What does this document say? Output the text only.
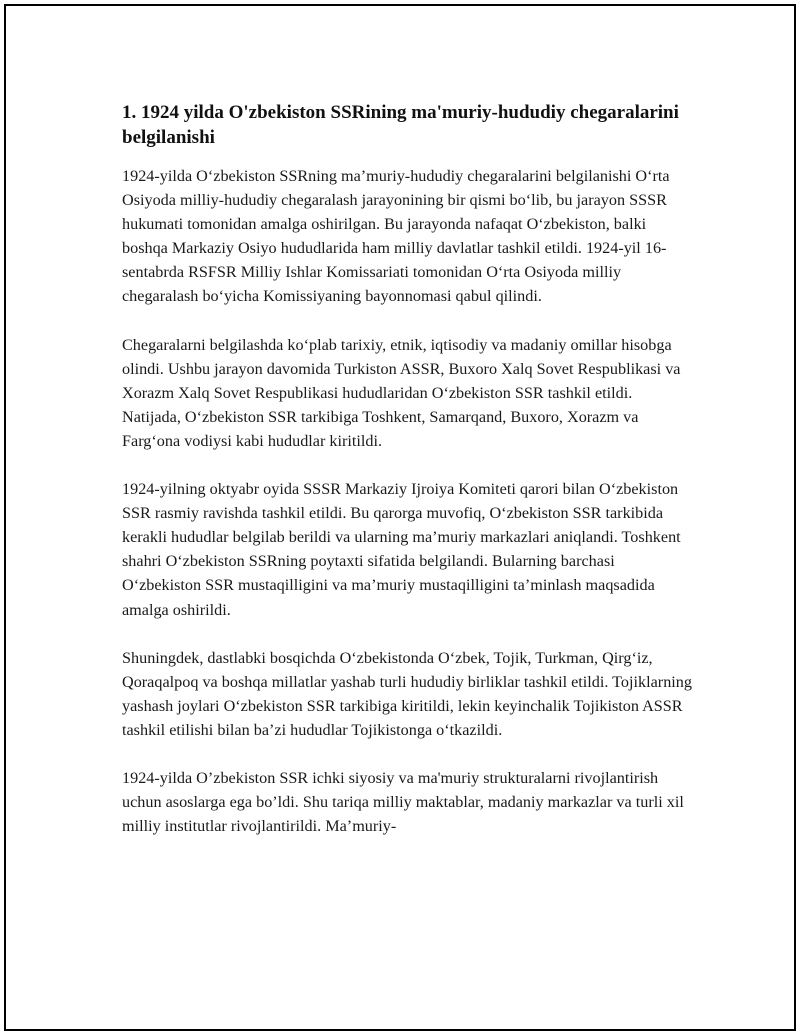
1. 1924 yilda O'zbekiston SSRining ma'muriy-hududiy chegaralarini belgilanishi

1924-yilda O‘zbekiston SSRning ma’muriy-hududiy chegaralarini belgilanishi O‘rta Osiyoda milliy-hududiy chegaralash jarayonining bir qismi bo‘lib, bu jarayon SSSR hukumati tomonidan amalga oshirilgan. Bu jarayonda nafaqat O‘zbekiston, balki boshqa Markaziy Osiyo hududlarida ham milliy davlatlar tashkil etildi. 1924-yil 16-sentabrda RSFSR Milliy Ishlar Komissariati tomonidan O‘rta Osiyoda milliy chegaralash bo‘yicha Komissiyaning bayonnomasi qabul qilindi.

Chegaralarni belgilashda ko‘plab tarixiy, etnik, iqtisodiy va madaniy omillar hisobga olindi. Ushbu jarayon davomida Turkiston ASSR, Buxoro Xalq Sovet Respublikasi va Xorazm Xalq Sovet Respublikasi hududlaridan O‘zbekiston SSR tashkil etildi. Natijada, O‘zbekiston SSR tarkibiga Toshkent, Samarqand, Buxoro, Xorazm va Farg‘ona vodiysi kabi hududlar kiritildi.

1924-yilning oktyabr oyida SSSR Markaziy Ijroiya Komiteti qarori bilan O‘zbekiston SSR rasmiy ravishda tashkil etildi. Bu qarorga muvofiq, O‘zbekiston SSR tarkibida kerakli hududlar belgilab berildi va ularning ma’muriy markazlari aniqlandi. Toshkent shahri O‘zbekiston SSRning poytaxti sifatida belgilandi. Bularning barchasi O‘zbekiston SSR mustaqilligini va ma’muriy mustaqilligini ta’minlash maqsadida amalga oshirildi.

Shuningdek, dastlabki bosqichda O‘zbekistonda O‘zbek, Tojik, Turkman, Qirg‘iz, Qoraqalpoq va boshqa millatlar yashab turli hududiy birliklar tashkil etildi. Tojiklarning yashash joylari O‘zbekiston SSR tarkibiga kiritildi, lekin keyinchalik Tojikiston ASSR tashkil etilishi bilan ba’zi hududlar Tojikistonga o‘tkazildi.

1924-yilda O’zbekiston SSR ichki siyosiy va ma'muriy strukturalarni rivojlantirish uchun asoslarga ega bo’ldi. Shu tariqa milliy maktablar, madaniy markazlar va turli xil milliy institutlar rivojlantirildi. Ma’muriy-
